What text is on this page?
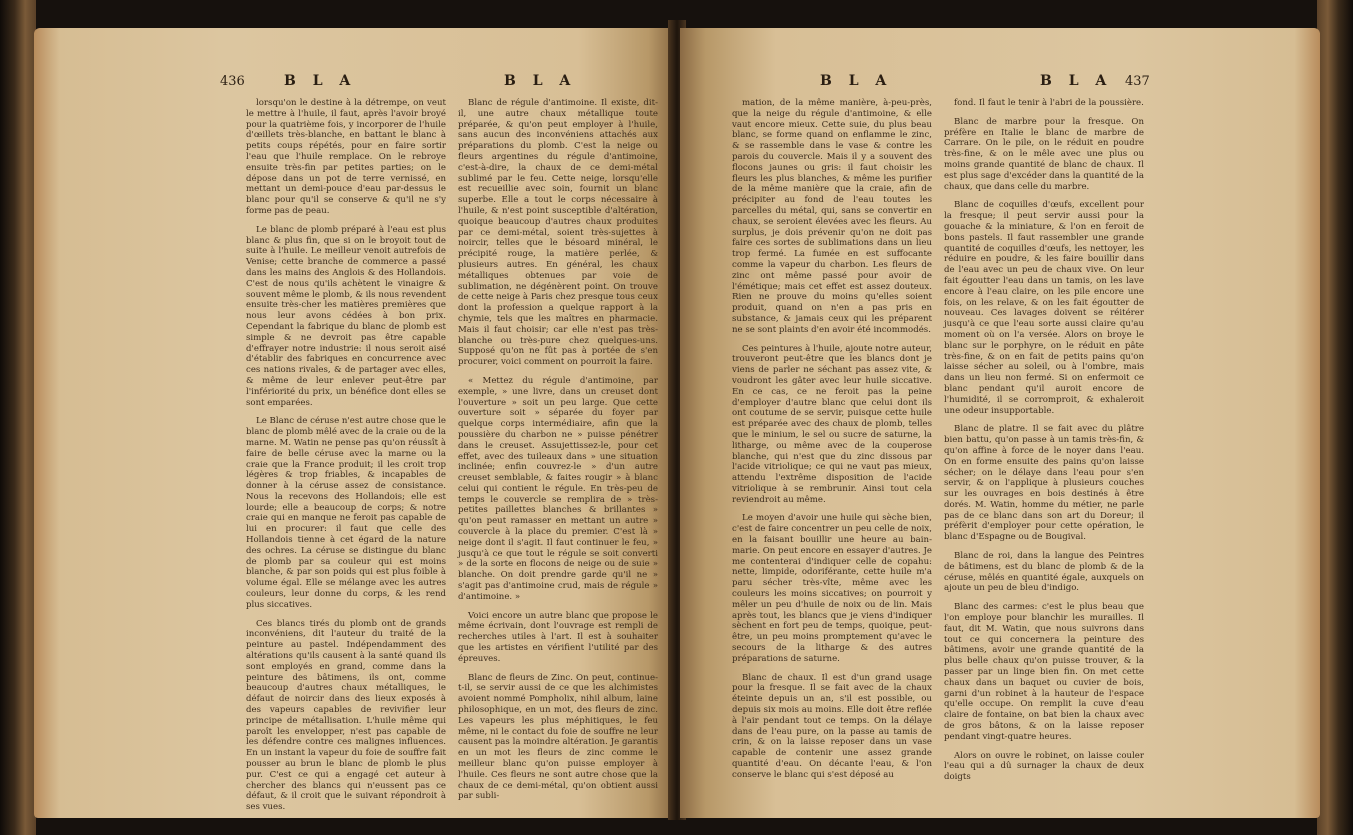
436	B L A	B L A

lorsqu'on le destine à la détrempe, on veut le mettre à l'huile, il faut, après l'avoir broyé pour la quatrième fois, y incorporer de l'huile d'œillets très-blanche, en battant le blanc à petits coups répétés, pour en faire sortir l'eau que l'huile remplace. On le rebroye ensuite très-fin par petites parties; on le dépose dans un pot de terre vernissé, en mettant un demi-pouce d'eau par-dessus le blanc pour qu'il se conserve & qu'il ne s'y forme pas de peau.

Le blanc de plomb préparé à l'eau est plus blanc & plus fin, que si on le broyoit tout de suite à l'huile. Le meilleur venoit autrefois de Venise; cette branche de commerce a passé dans les mains des Anglois & des Hollandois. C'est de nous qu'ils achètent le vinaigre & souvent même le plomb, & ils nous revendent ensuite très-cher les matières premières que nous leur avons cédées à bon prix. Cependant la fabrique du blanc de plomb est simple & ne devroit pas être capable d'effrayer notre industrie: il nous seroit aisé d'établir des fabriques en concurrence avec ces nations rivales, & de partager avec elles, & même de leur enlever peut-être par l'infériorité du prix, un bénéfice dont elles se sont emparées.

Le Blanc de céruse n'est autre chose que le blanc de plomb mêlé avec de la craie ou de la marne. M. Watin ne pense pas qu'on réussît à faire de belle céruse avec la marne ou la craie que la France produit; il les croit trop légères & trop friables, & incapables de donner à la céruse assez de consistance. Nous la recevons des Hollandois; elle est lourde; elle a beaucoup de corps; & notre craie qui en manque ne feroit pas capable de lui en procurer: il faut que celle des Hollandois tienne à cet égard de la nature des ochres. La céruse se distingue du blanc de plomb par sa couleur qui est moins blanche, & par son poids qui est plus foible à volume égal. Elle se mélange avec les autres couleurs, leur donne du corps, & les rend plus siccatives.

Ces blancs tirés du plomb ont de grands inconvéniens, dit l'auteur du traité de la peinture au pastel. Indépendamment des altérations qu'ils causent à la santé quand ils sont employés en grand, comme dans la peinture des bâtimens, ils ont, comme beaucoup d'autres chaux métalliques, le défaut de noircir dans des lieux exposés à des vapeurs capables de revivifier leur principe de métallisation. L'huile même qui paroît les envelopper, n'est pas capable de les défendre contre ces malignes influences. En un instant la vapeur du foie de souffre fait pousser au brun le blanc de plomb le plus pur. C'est ce qui a engagé cet auteur à chercher des blancs qui n'eussent pas ce défaut, & il croit que le suivant répondroit à ses vues.

Blanc de régule d'antimoine. Il existe, dit-il, une autre chaux métallique toute préparée, & qu'on peut employer à l'huile, sans aucun des inconvéniens attachés aux préparations du plomb. C'est la neige ou fleurs argentines du régule d'antimoine, c'est-à-dire, la chaux de ce demi-métal sublimé par le feu. Cette neige, lorsqu'elle est recueillie avec soin, fournit un blanc superbe. Elle a tout le corps nécessaire à l'huile, & n'est point susceptible d'altération, quoique beaucoup d'autres chaux produites par ce demi-métal, soient très-sujettes à noircir, telles que le bésoard minéral, le précipité rouge, la matière perlée, & plusieurs autres. En général, les chaux métalliques obtenues par voie de sublimation, ne dégénèrent point. On trouve de cette neige à Paris chez presque tous ceux dont la profession a quelque rapport à la chymie, tels que les maîtres en pharmacie. Mais il faut choisir; car elle n'est pas très-blanche ou très-pure chez quelques-uns. Supposé qu'on ne fût pas à portée de s'en procurer, voici comment on pourroit la faire.

« Mettez du régule d'antimoine, par exemple, » une livre, dans un creuset dont l'ouverture » soit un peu large. Que cette ouverture soit » séparée du foyer par quelque corps intermédiaire, afin que la poussière du charbon ne » puisse pénétrer dans le creuset. Assujettissez-le, pour cet effet, avec des tuileaux dans » une situation inclinée; enfin couvrez-le » d'un autre creuset semblable, & faites rougir » à blanc celui qui contient le régule. En très-peu de temps le couvercle se remplira de » très-petites paillettes blanches & brillantes » qu'on peut ramasser en mettant un autre » couvercle à la place du premier. C'est là » neige dont il s'agit. Il faut continuer le feu, » jusqu'à ce que tout le régule se soit converti » de la sorte en flocons de neige ou de suie » blanche. On doit prendre garde qu'il ne » s'agit pas d'antimoine crud, mais de régule » d'antimoine. »

Voici encore un autre blanc que propose le même écrivain, dont l'ouvrage est rempli de recherches utiles à l'art. Il est à souhaiter que les artistes en vérifient l'utilité par des épreuves.

Blanc de fleurs de Zinc. On peut, continue-t-il, se servir aussi de ce que les alchimistes avoient nommé Pompholix, nihil album, laine philosophique, en un mot, des fleurs de zinc. Les vapeurs les plus méphitiques, le feu même, ni le contact du foie de souffre ne leur causent pas la moindre altération. Je garantis en un mot les fleurs de zinc comme le meilleur blanc qu'on puisse employer à l'huile. Ces fleurs ne sont autre chose que la chaux de ce demi-métal, qu'on obtient aussi par subli-

B L A	B L A 437

mation, de la même manière, à-peu-près, que la neige du régule d'antimoine, & elle vaut encore mieux. Cette suie, du plus beau blanc, se forme quand on enflamme le zinc, & se rassemble dans le vase & contre les parois du couvercle. Mais il y a souvent des flocons jaunes ou gris: il faut choisir les fleurs les plus blanches, & même les purifier de la même manière que la craie, afin de précipiter au fond de l'eau toutes les parcelles du métal, qui, sans se convertir en chaux, se seroient élevées avec les fleurs. Au surplus, je dois prévenir qu'on ne doit pas faire ces sortes de sublimations dans un lieu trop fermé. La fumée en est suffocante comme la vapeur du charbon. Les fleurs de zinc ont même passé pour avoir de l'émétique; mais cet effet est assez douteux. Rien ne prouve du moins qu'elles soient produit, quand on n'en a pas pris en substance, & jamais ceux qui les préparent ne se sont plaints d'en avoir été incommodés.

Ces peintures à l'huile, ajoute notre auteur, trouveront peut-être que les blancs dont je viens de parler ne séchant pas assez vite, & voudront les gâter avec leur huile siccative. En ce cas, ce ne feroit pas la peine d'employer d'autre blanc que celui dont ils ont coutume de se servir, puisque cette huile est préparée avec des chaux de plomb, telles que le minium, le sel ou sucre de saturne, la litharge, ou même avec de la couperose blanche, qui n'est que du zinc dissous par l'acide vitriolique; ce qui ne vaut pas mieux, attendu l'extrême disposition de l'acide vitriolique à se rembrunir. Ainsi tout cela reviendroit au même.

Le moyen d'avoir une huile qui sèche bien, c'est de faire concentrer un peu celle de noix, en la faisant bouillir une heure au bain-marie. On peut encore en essayer d'autres. Je me contenterai d'indiquer celle de copahu: nette, limpide, odoriférante, cette huile m'a paru sécher très-vîte, même avec les couleurs les moins siccatives; on pourroit y mêler un peu d'huile de noix ou de lin. Mais après tout, les blancs que je viens d'indiquer sèchent en fort peu de temps, quoique, peut-être, un peu moins promptement qu'avec le secours de la litharge & des autres préparations de saturne.

Blanc de chaux. Il est d'un grand usage pour la fresque. Il se fait avec de la chaux éteinte depuis un an, s'il est possible, ou depuis six mois au moins. Elle doit être reflée à l'air pendant tout ce temps. On la délaye dans de l'eau pure, on la passe au tamis de crin, & on la laisse reposer dans un vase capable de contenir une assez grande quantité d'eau. On décante l'eau, & l'on conserve le blanc qui s'est déposé au

fond. Il faut le tenir à l'abri de la poussière.

Blanc de marbre pour la fresque. On préfère en Italie le blanc de marbre de Carrare. On le pile, on le réduit en poudre très-fine, & on le mêle avec une plus ou moins grande quantité de blanc de chaux. Il est plus sage d'excéder dans la quantité de la chaux, que dans celle du marbre.

Blanc de coquilles d'œufs, excellent pour la fresque; il peut servir aussi pour la gouache & la miniature, & l'on en feroit de bons pastels. Il faut rassembler une grande quantité de coquilles d'œufs, les nettoyer, les réduire en poudre, & les faire bouillir dans de l'eau avec un peu de chaux vive. On leur fait égoutter l'eau dans un tamis, on les lave encore à l'eau claire, on les pile encore une fois, on les relave, & on les fait égoutter de nouveau. Ces lavages doivent se réitérer jusqu'à ce que l'eau sorte aussi claire qu'au moment où on l'a versée. Alors on broye le blanc sur le porphyre, on le réduit en pâte très-fine, & on en fait de petits pains qu'on laisse sécher au soleil, ou à l'ombre, mais dans un lieu non fermé. Si on enfermoit ce blanc pendant qu'il auroit encore de l'humidité, il se corromproit, & exhaleroit une odeur insupportable.

Blanc de platre. Il se fait avec du plâtre bien battu, qu'on passe à un tamis très-fin, & qu'on affine à force de le noyer dans l'eau. On en forme ensuite des pains qu'on laisse sécher; on le délaye dans l'eau pour s'en servir, & on l'applique à plusieurs couches sur les ouvrages en bois destinés à être dorés. M. Watin, homme du métier, ne parle pas de ce blanc dans son art du Doreur; il préfèrit d'employer pour cette opération, le blanc d'Espagne ou de Bougival.

Blanc de roi, dans la langue des Peintres de bâtimens, est du blanc de plomb & de la céruse, mêlés en quantité égale, auxquels on ajoute un peu de bleu d'indigo.

Blanc des carmes: c'est le plus beau que l'on employe pour blanchir les murailles. Il faut, dit M. Watin, que nous suivrons dans tout ce qui concernera la peinture des bâtimens, avoir une grande quantité de la plus belle chaux qu'on puisse trouver, & la passer par un linge bien fin. On met cette chaux dans un baquet ou cuvier de bois, garni d'un robinet à la hauteur de l'espace qu'elle occupe. On remplit la cuve d'eau claire de fontaine, on bat bien la chaux avec de gros bâtons, & on la laisse reposer pendant vingt-quatre heures.

Alors on ouvre le robinet, on laisse couler l'eau qui a dû surnager la chaux de deux doigts
